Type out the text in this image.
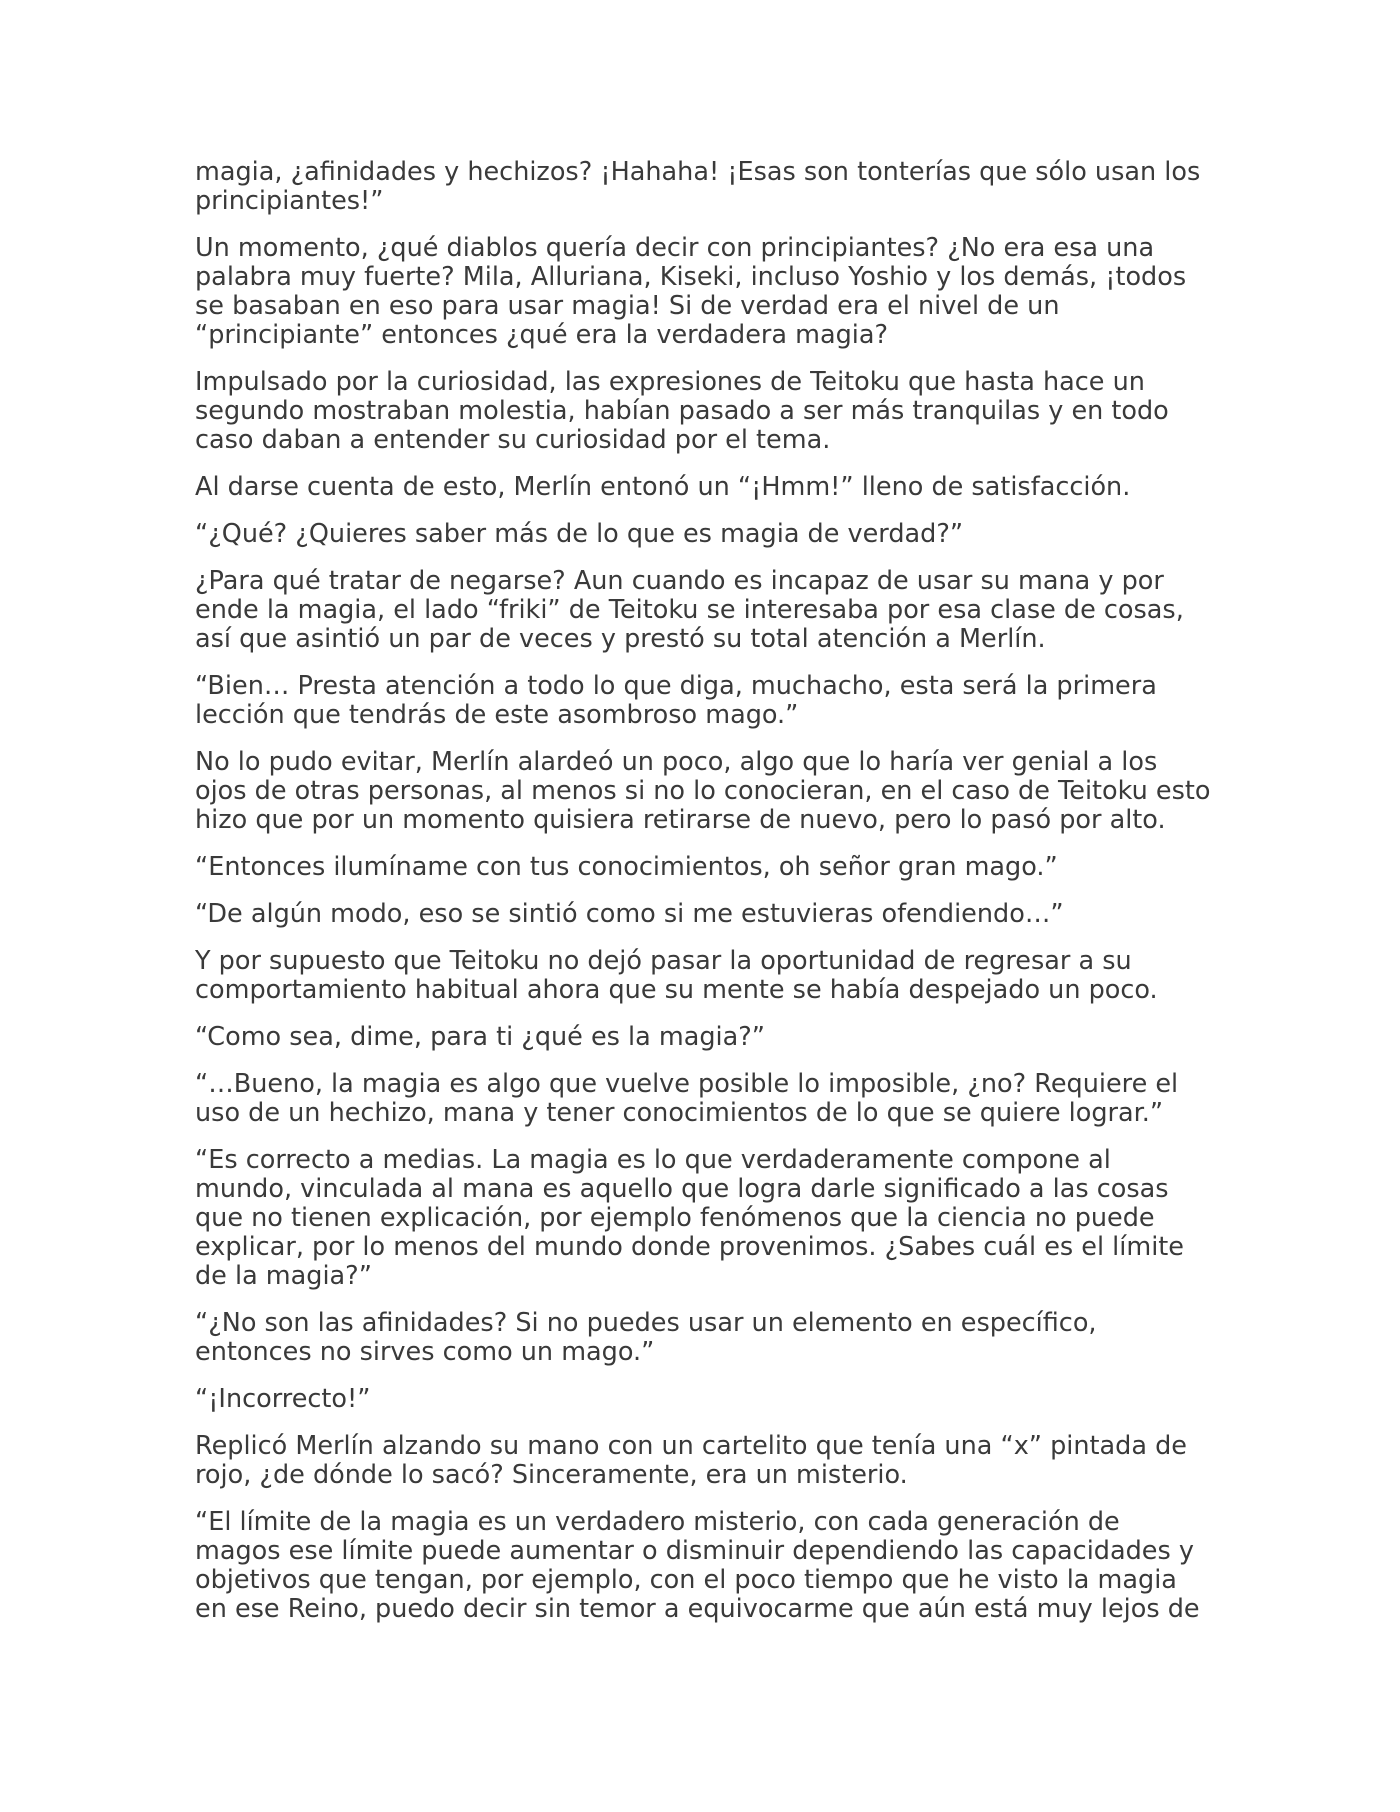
magia, ¿afinidades y hechizos? ¡Hahaha! ¡Esas son tonterías que sólo usan los principiantes!”

Un momento, ¿qué diablos quería decir con principiantes? ¿No era esa una palabra muy fuerte? Mila, Alluriana, Kiseki, incluso Yoshio y los demás, ¡todos se basaban en eso para usar magia! Si de verdad era el nivel de un “principiante” entonces ¿qué era la verdadera magia?

Impulsado por la curiosidad, las expresiones de Teitoku que hasta hace un segundo mostraban molestia, habían pasado a ser más tranquilas y en todo caso daban a entender su curiosidad por el tema.

Al darse cuenta de esto, Merlín entonó un “¡Hmm!” lleno de satisfacción.

“¿Qué? ¿Quieres saber más de lo que es magia de verdad?”

¿Para qué tratar de negarse? Aun cuando es incapaz de usar su mana y por ende la magia, el lado “friki” de Teitoku se interesaba por esa clase de cosas, así que asintió un par de veces y prestó su total atención a Merlín.

“Bien… Presta atención a todo lo que diga, muchacho, esta será la primera lección que tendrás de este asombroso mago.”

No lo pudo evitar, Merlín alardeó un poco, algo que lo haría ver genial a los ojos de otras personas, al menos si no lo conocieran, en el caso de Teitoku esto hizo que por un momento quisiera retirarse de nuevo, pero lo pasó por alto.

“Entonces ilumíname con tus conocimientos, oh señor gran mago.”

“De algún modo, eso se sintió como si me estuvieras ofendiendo…”

Y por supuesto que Teitoku no dejó pasar la oportunidad de regresar a su comportamiento habitual ahora que su mente se había despejado un poco.

“Como sea, dime, para ti ¿qué es la magia?”

“…Bueno, la magia es algo que vuelve posible lo imposible, ¿no? Requiere el uso de un hechizo, mana y tener conocimientos de lo que se quiere lograr.”

“Es correcto a medias. La magia es lo que verdaderamente compone al mundo, vinculada al mana es aquello que logra darle significado a las cosas que no tienen explicación, por ejemplo fenómenos que la ciencia no puede explicar, por lo menos del mundo donde provenimos. ¿Sabes cuál es el límite de la magia?”

“¿No son las afinidades? Si no puedes usar un elemento en específico, entonces no sirves como un mago.”

“¡Incorrecto!”

Replicó Merlín alzando su mano con un cartelito que tenía una “x” pintada de rojo, ¿de dónde lo sacó? Sinceramente, era un misterio.

“El límite de la magia es un verdadero misterio, con cada generación de magos ese límite puede aumentar o disminuir dependiendo las capacidades y objetivos que tengan, por ejemplo, con el poco tiempo que he visto la magia en ese Reino, puedo decir sin temor a equivocarme que aún está muy lejos de
